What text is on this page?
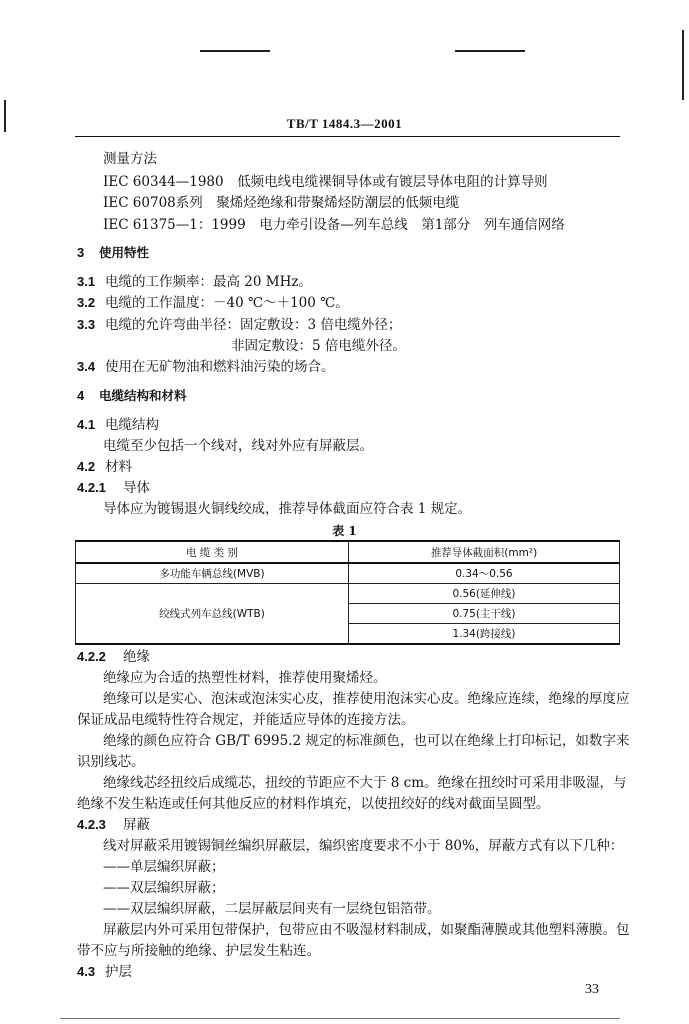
TB/T 1484.3—2001
测量方法
IEC 60344—1980　低频电线电缆裸铜导体或有镀层导体电阻的计算导则
IEC 60708系列　聚烯烃绝缘和带聚烯烃防潮层的低频电缆
IEC 61375—1：1999　电力牵引设备—列车总线　第1部分　列车通信网络
3 使用特性
3.1 电缆的工作频率：最高 20 MHz。
3.2 电缆的工作温度：－40 ℃～＋100 ℃。
3.3 电缆的允许弯曲半径：固定敷设：3 倍电缆外径；
非固定敷设：5 倍电缆外径。
3.4 使用在无矿物油和燃料油污染的场合。
4 电缆结构和材料
4.1 电缆结构
电缆至少包括一个线对，线对外应有屏蔽层。
4.2 材料
4.2.1 导体
导体应为镀锡退火铜线绞成，推荐导体截面应符合表 1 规定。
表 1
电 缆 类 别	推荐导体截面积(mm²)
多功能车辆总线(MVB)	0.34～0.56
绞线式列车总线(WTB)	0.56(延伸线)
	0.75(主干线)
	1.34(跨接线)
4.2.2 绝缘
绝缘应为合适的热塑性材料，推荐使用聚烯烃。
绝缘可以是实心、泡沫或泡沫实心皮，推荐使用泡沫实心皮。绝缘应连续，绝缘的厚度应
保证成品电缆特性符合规定，并能适应导体的连接方法。
绝缘的颜色应符合 GB/T 6995.2 规定的标准颜色，也可以在绝缘上打印标记，如数字来
识别线芯。
绝缘线芯经扭绞后成缆芯，扭绞的节距应不大于 8 cm。绝缘在扭绞时可采用非吸湿，与
绝缘不发生粘连或任何其他反应的材料作填充，以使扭绞好的线对截面呈圆型。
4.2.3 屏蔽
线对屏蔽采用镀锡铜丝编织屏蔽层，编织密度要求不小于 80%，屏蔽方式有以下几种：
——单层编织屏蔽；
——双层编织屏蔽；
——双层编织屏蔽，二层屏蔽层间夹有一层绕包铝箔带。
屏蔽层内外可采用包带保护，包带应由不吸湿材料制成，如聚酯薄膜或其他塑料薄膜。包
带不应与所接触的绝缘、护层发生粘连。
4.3 护层
33
